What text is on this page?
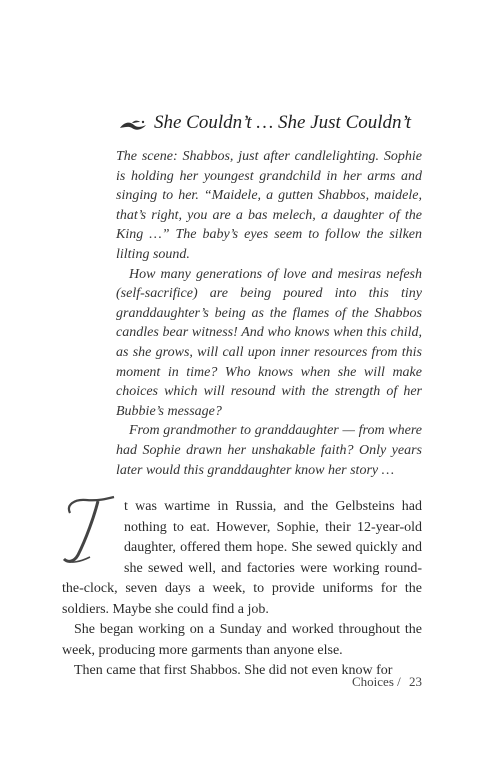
She Couldn’t … She Just Couldn’t

The scene: Shabbos, just after candlelighting. Sophie is holding her youngest grandchild in her arms and singing to her. “Maidele, a gutten Shabbos, maidele, that’s right, you are a bas melech, a daughter of the King …” The baby’s eyes seem to follow the silken lilting sound.

How many generations of love and mesiras nefesh (self-sacrifice) are being poured into this tiny granddaughter’s being as the flames of the Shabbos candles bear witness! And who knows when this child, as she grows, will call upon inner resources from this moment in time? Who knows when she will make choices which will resound with the strength of her Bubbie’s message?

From grandmother to granddaughter — from where had Sophie drawn her unshakable faith? Only years later would this granddaughter know her story …

t was wartime in Russia, and the Gelbsteins had nothing to eat. However, Sophie, their 12-year-old daughter, offered them hope. She sewed quickly and she sewed well, and factories were working round-the-clock, seven days a week, to provide uniforms for the soldiers. Maybe she could find a job.

She began working on a Sunday and worked throughout the week, producing more garments than anyone else.

Then came that first Shabbos. She did not even know for

Choices / 23
